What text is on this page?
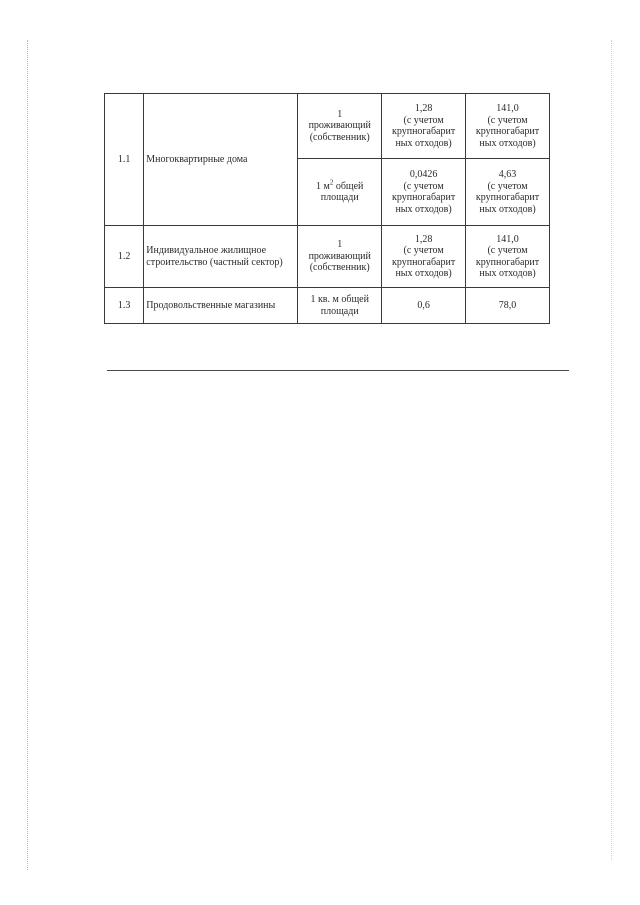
1.1	Многоквартирные дома	1
проживающий
(собственник)	1,28
(с учетом
крупногабарит
ных отходов)	141,0
(с учетом
крупногабарит
ных отходов)

		1 $м^2$ общей
площади	0,0426
(с учетом
крупногабарит
ных отходов)	4,63
(с учетом
крупногабарит
ных отходов)

1.2	Индивидуальное жилищное строительство (частный сектор)	1
проживающий
(собственник)	1,28
(с учетом
крупногабарит
ных отходов)	141,0
(с учетом
крупногабарит
ных отходов)

1.3	Продовольственные магазины	1 кв. м общей площади	0,6	78,0
